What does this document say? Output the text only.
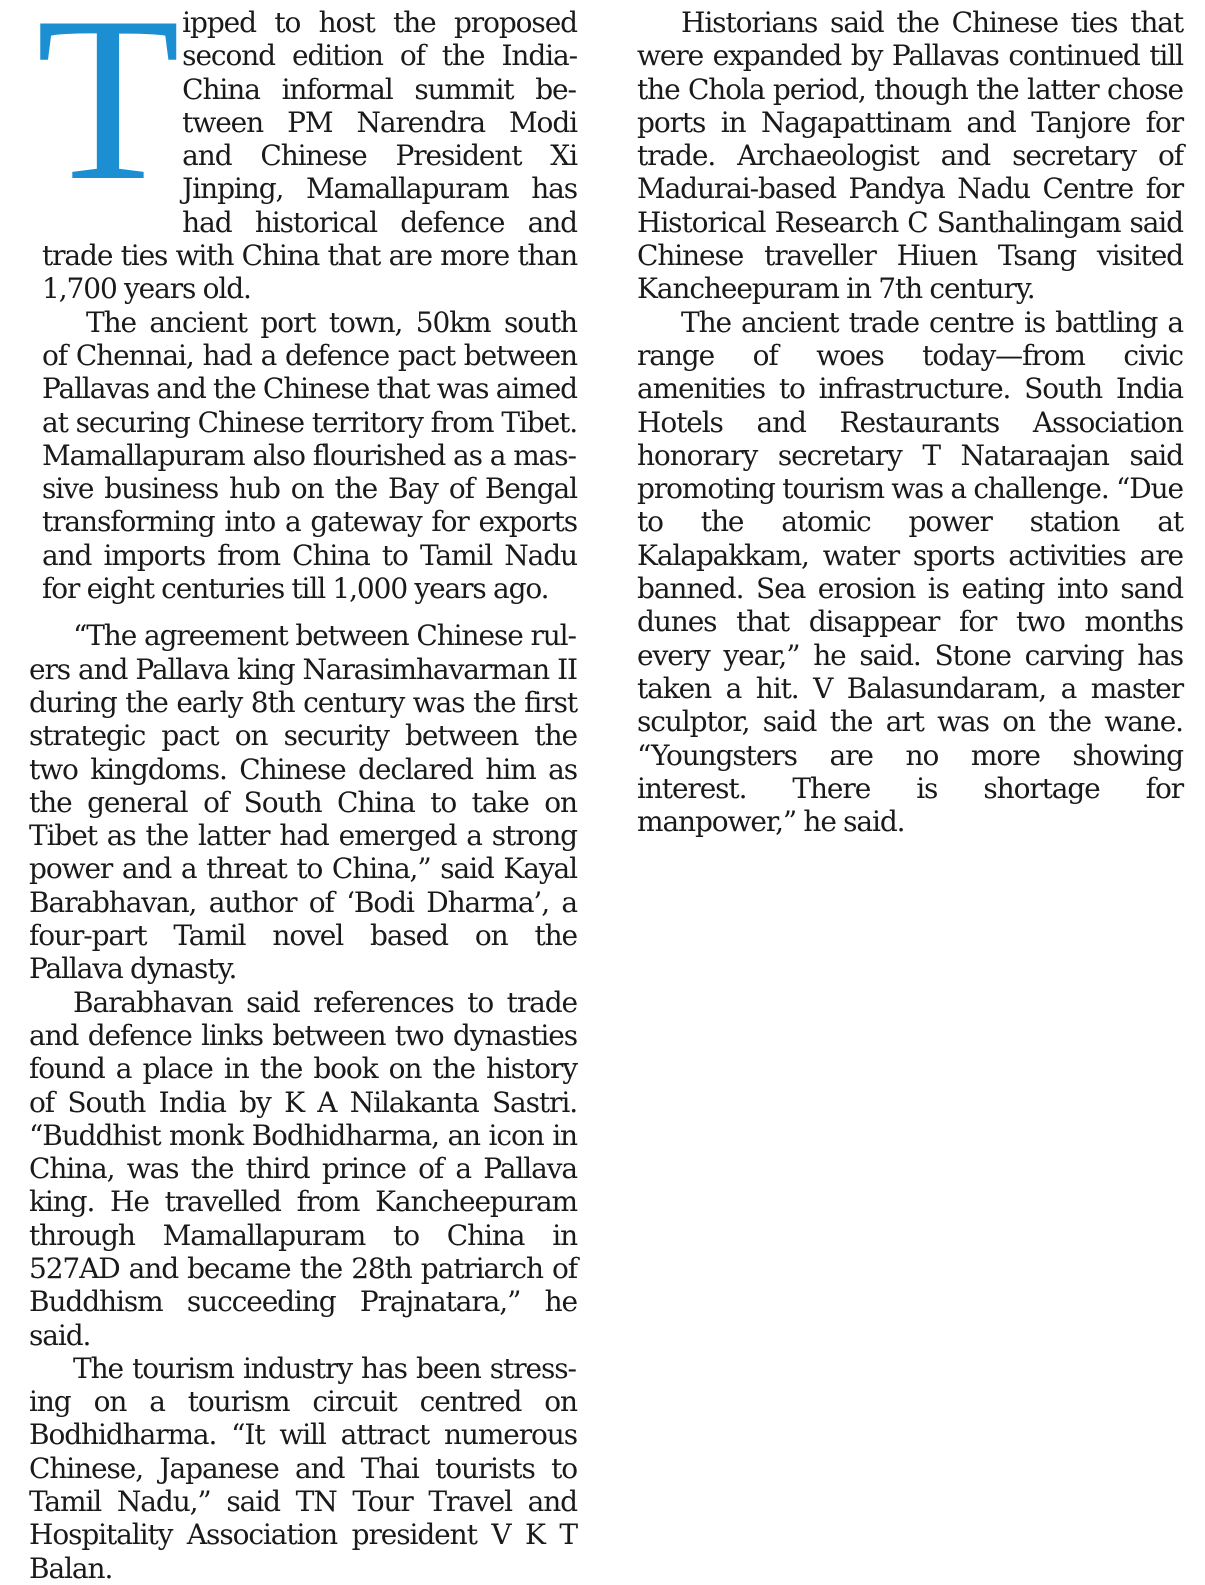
Tipped to host the proposed second edition of the India-China informal summit between PM Narendra Modi and Chinese President Xi Jinping, Mamallapuram has had historical defence and trade ties with China that are more than 1,700 years old.

The ancient port town, 50km south of Chennai, had a defence pact between Pallavas and the Chinese that was aimed at securing Chinese territory from Tibet. Mamallapuram also flourished as a massive business hub on the Bay of Bengal transforming into a gateway for exports and imports from China to Tamil Nadu for eight centuries till 1,000 years ago.

“The agreement between Chinese rulers and Pallava king Narasimhavarman II during the early 8th century was the first strategic pact on security between the two kingdoms. Chinese declared him as the general of South China to take on Tibet as the latter had emerged a strong power and a threat to China,” said Kayal Barabhavan, author of ‘Bodi Dharma’, a four-part Tamil novel based on the Pallava dynasty.

Barabhavan said references to trade and defence links between two dynasties found a place in the book on the history of South India by K A Nilakanta Sastri. “Buddhist monk Bodhidharma, an icon in China, was the third prince of a Pallava king. He travelled from Kancheepuram through Mamallapuram to China in 527AD and became the 28th patriarch of Buddhism succeeding Prajnatara,” he said.

The tourism industry has been stressing on a tourism circuit centred on Bodhidharma. “It will attract numerous Chinese, Japanese and Thai tourists to Tamil Nadu,” said TN Tour Travel and Hospitality Association president V K T Balan.

Historians said the Chinese ties that were expanded by Pallavas continued till the Chola period, though the latter chose ports in Nagapattinam and Tanjore for trade. Archaeologist and secretary of Madurai-based Pandya Nadu Centre for Historical Research C Santhalingam said Chinese traveller Hiuen Tsang visited Kancheepuram in 7th century.

The ancient trade centre is battling a range of woes today—from civic amenities to infrastructure. South India Hotels and Restaurants Association honorary secretary T Nataraajan said promoting tourism was a challenge. “Due to the atomic power station at Kalapakkam, water sports activities are banned. Sea erosion is eating into sand dunes that disappear for two months every year,” he said. Stone carving has taken a hit. V Balasundaram, a master sculptor, said the art was on the wane. “Youngsters are no more showing interest. There is shortage for manpower,” he said.
